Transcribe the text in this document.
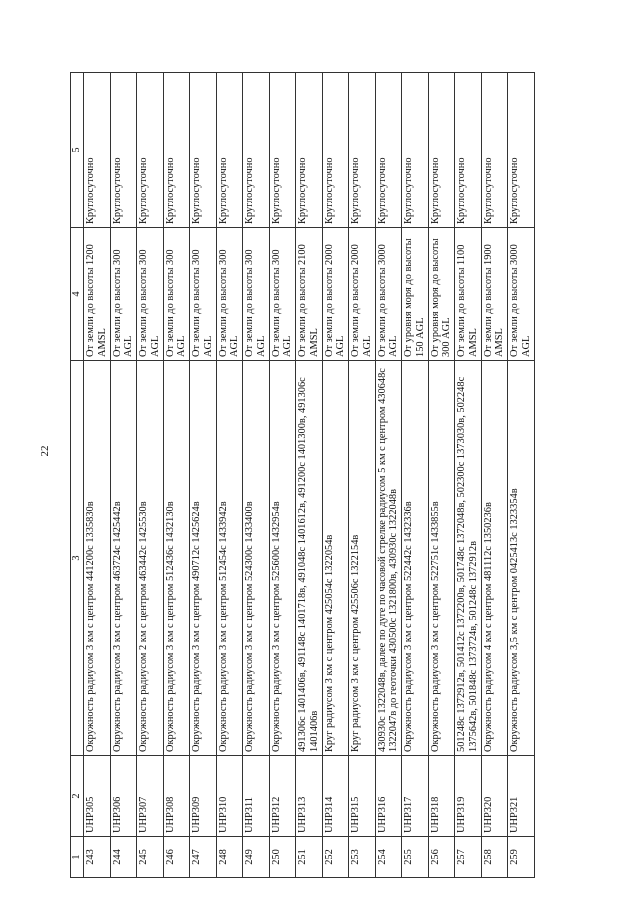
22
1	2	3	4	5
243	UHP305	Окружность радиусом 3 км с центром 441200с 1335830в	От земли до высоты 1200 AMSL	Круглосуточно
244	UHP306	Окружность радиусом 3 км с центром 463724с 1425442в	От земли до высоты 300 AGL	Круглосуточно
245	UHP307	Окружность радиусом 2 км с центром 463442с 1425530в	От земли до высоты 300 AGL	Круглосуточно
246	UHP308	Окружность радиусом 3 км с центром 512436с 1432130в	От земли до высоты 300 AGL	Круглосуточно
247	UHP309	Окружность радиусом 3 км с центром 490712с 1425624в	От земли до высоты 300 AGL	Круглосуточно
248	UHP310	Окружность радиусом 3 км с центром 512454с 1433942в	От земли до высоты 300 AGL	Круглосуточно
249	UHP311	Окружность радиусом 3 км с центром 524300с 1433400в	От земли до высоты 300 AGL	Круглосуточно
250	UHP312	Окружность радиусом 3 км с центром 525600с 1432954в	От земли до высоты 300 AGL	Круглосуточно
251	UHP313	491306с 1401406в, 491148с 1401718в, 491048с 1401612в, 491200с 1401300в, 491306с 1401406в	От земли до высоты 2100 AMSL	Круглосуточно
252	UHP314	Круг радиусом 3 км с центром 425054с 1322054в	От земли до высоты 2000 AGL	Круглосуточно
253	UHP315	Круг радиусом 3 км с центром 425506с 1322154в	От земли до высоты 2000 AGL	Круглосуточно
254	UHP316	430930с 1322048в, далее по дуге по часовой стрелке радиусом 5 км с центром 430648с 1322047в до геоточки 430500с 1321800в, 430930с 1322048в	От земли до высоты 3000 AGL	Круглосуточно
255	UHP317	Окружность радиусом 3 км с центром 522442с 1432336в	От уровня моря до высоты 150 AGL	Круглосуточно
256	UHP318	Окружность радиусом 3 км с центром 522751с 1433855в	От уровня моря до высоты 300 AGL	Круглосуточно
257	UHP319	501248с 1372912в, 501412с 1372200в, 501748с 1372048в, 502300с 1373030в, 502248с 1375642в, 501848с 1373724в, 501248с 1372912в	От земли до высоты 1100 AMSL	Круглосуточно
258	UHP320	Окружность радиусом 4 км с центром 481112с 1350236в	От земли до высоты 1900 AMSL	Круглосуточно
259	UHP321	Окружность радиусом 3,5 км с центром 0425413с 1323354в	От земли до высоты 3000 AGL	Круглосуточно
